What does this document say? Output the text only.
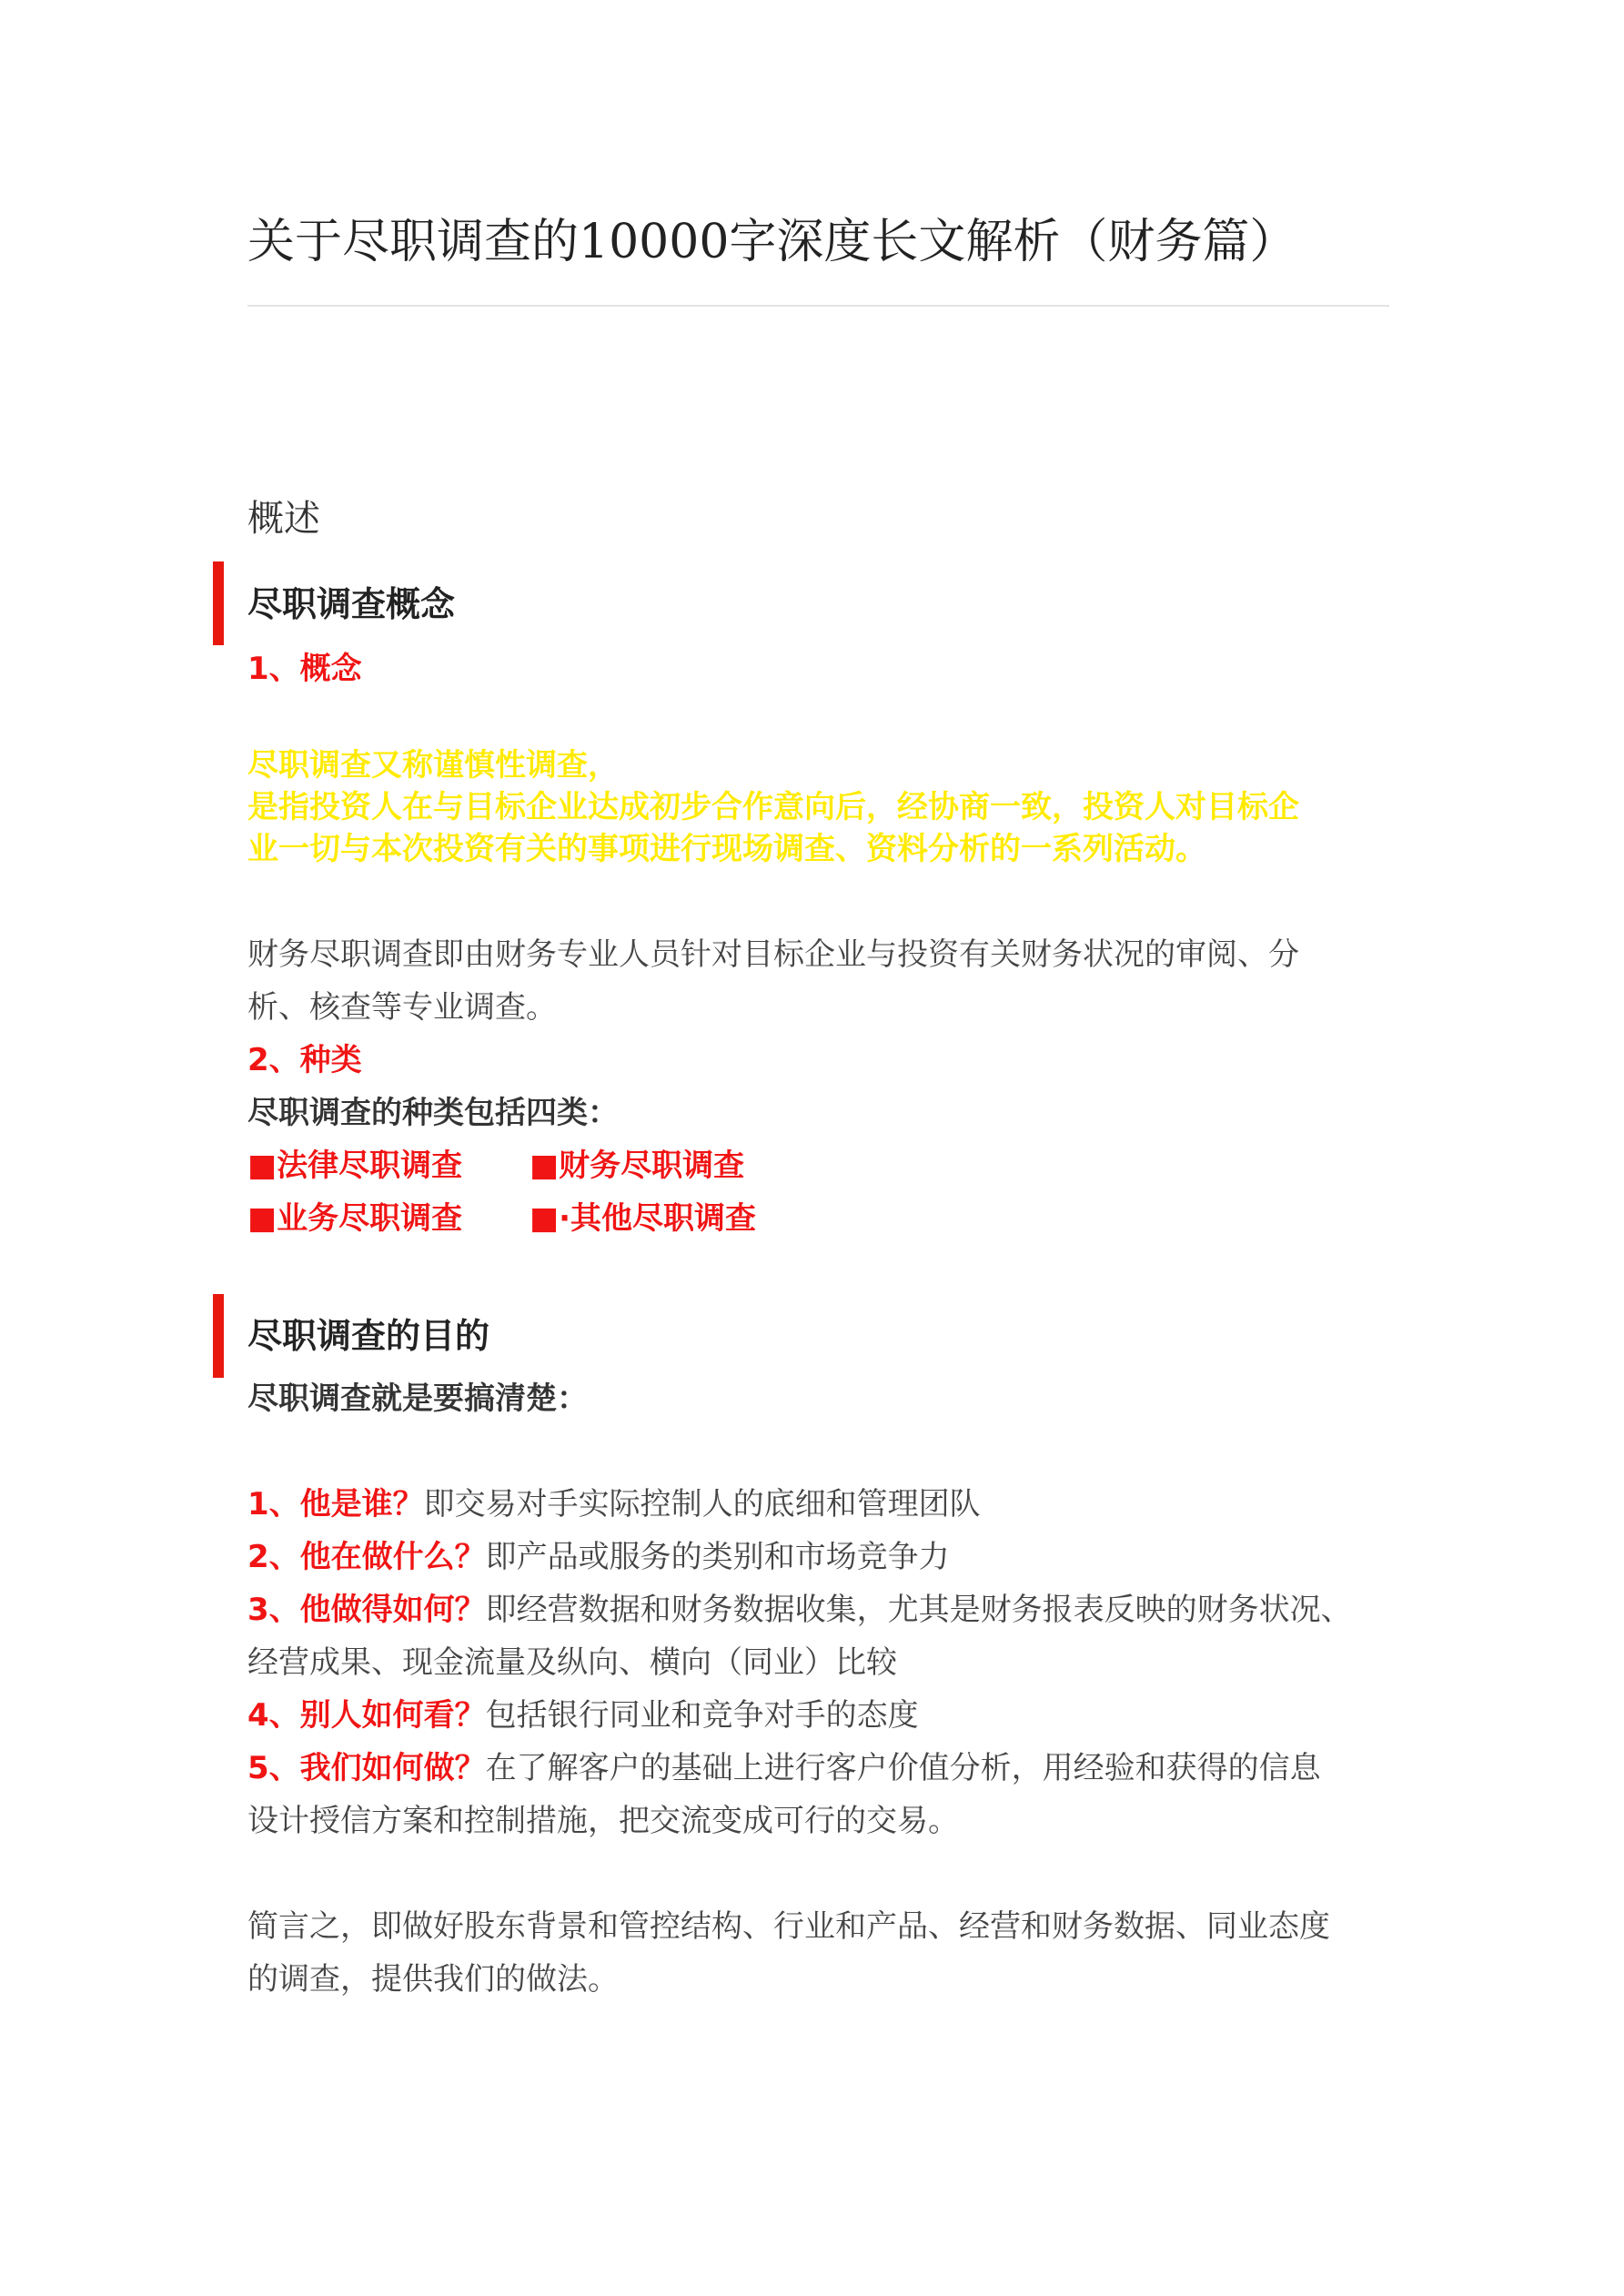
关于尽职调查的10000字深度长文解析（财务篇）
概述
尽职调查概念
1、概念
尽职调查又称谨慎性调查，
是指投资人在与目标企业达成初步合作意向后，经协商一致，投资人对目标企
业一切与本次投资有关的事项进行现场调查、资料分析的一系列活动。
财务尽职调查即由财务专业人员针对目标企业与投资有关财务状况的审阅、分
析、核查等专业调查。
2、种类
尽职调查的种类包括四类：
■法律尽职调查 ■财务尽职调查
■业务尽职调查 ■·其他尽职调查
尽职调查的目的
尽职调查就是要搞清楚：
1、他是谁？即交易对手实际控制人的底细和管理团队
2、他在做什么？即产品或服务的类别和市场竞争力
3、他做得如何？即经营数据和财务数据收集，尤其是财务报表反映的财务状况、
经营成果、现金流量及纵向、横向（同业）比较
4、别人如何看？包括银行同业和竞争对手的态度
5、我们如何做？在了解客户的基础上进行客户价值分析，用经验和获得的信息
设计授信方案和控制措施，把交流变成可行的交易。
简言之，即做好股东背景和管控结构、行业和产品、经营和财务数据、同业态度
的调查，提供我们的做法。
